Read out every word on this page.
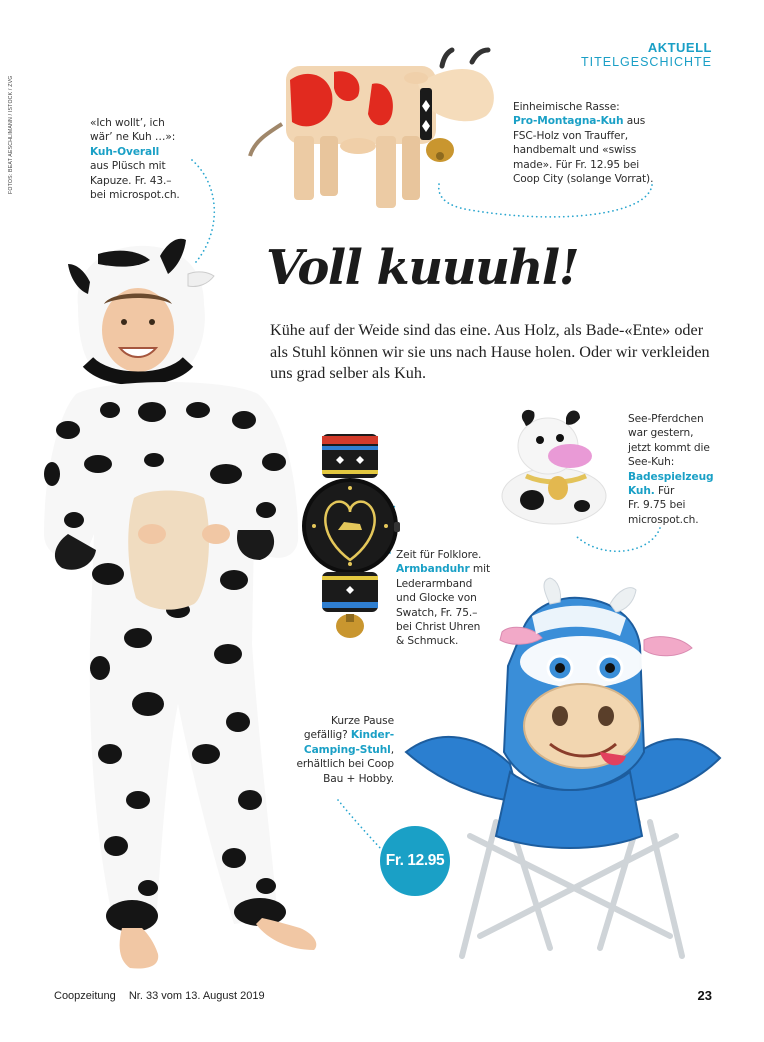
AKTUELL
TITELGESCHICHTE
FOTOS: BEAT AESCHLIMANN / ISTOCK / ZVG	Einheimische Rasse:
Pro-Montagna-Kuh aus
FSC-Holz von Trauffer,
handbemalt und «swiss
made». Für Fr. 12.95 bei
Coop City (solange Vorrat).
«Ich wollt’, ich
wär’ ne Kuh …»:
Kuh-Overall
aus Plüsch mit
Kapuze. Fr. 43.–
bei microspot.ch.
Voll kuuuhl!
Kühe auf der Weide sind das eine. Aus Holz, als Bade-«Ente» oder als Stuhl können wir sie uns nach Hause holen. Oder wir verkleiden uns grad selber als Kuh.
See-Pferdchen
war gestern,
jetzt kommt die
See-Kuh:
Badespielzeug
Kuh. Für
Fr. 9.75 bei
microspot.ch.
Zeit für Folklore.
Armbanduhr mit
Lederarmband
und Glocke von
Swatch, Fr. 75.–
bei Christ Uhren
& Schmuck.
Kurze Pause
gefällig? Kinder-
Camping-Stuhl,
erhältlich bei Coop
Bau + Hobby.
Fr. 12.95
Coopzeitung Nr. 33 vom 13. August 2019	23
